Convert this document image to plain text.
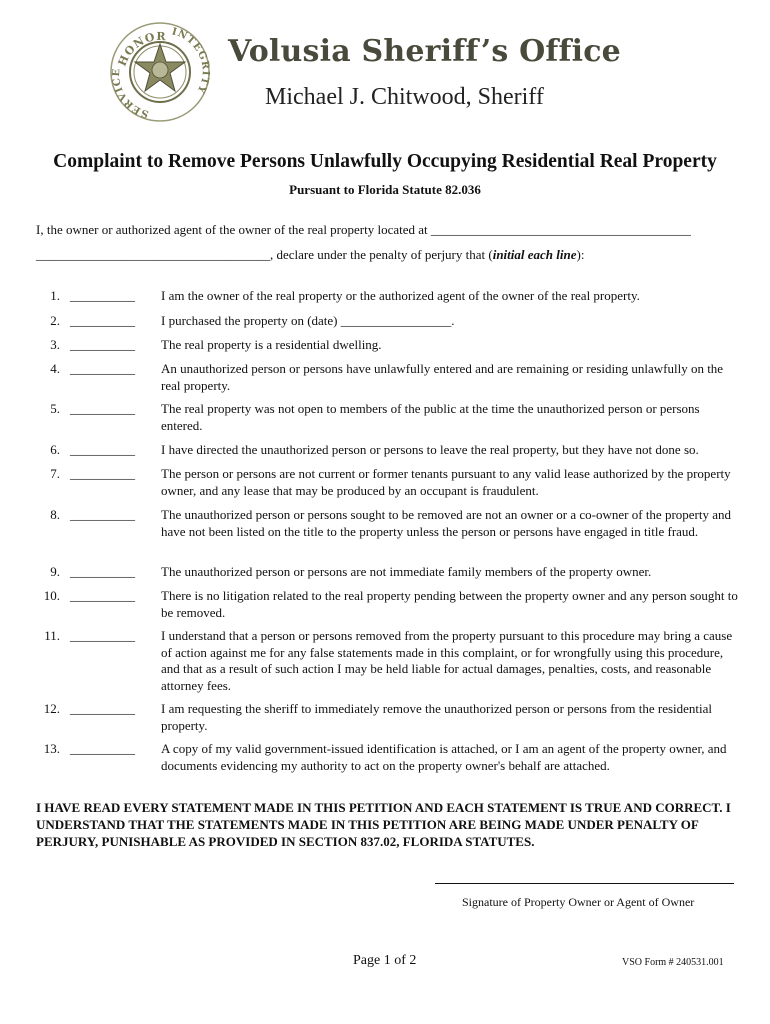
HONOR INTEGRITY
SERVICE
Volusia Sheriff’s Office
Michael J. Chitwood, Sheriff
Complaint to Remove Persons Unlawfully Occupying Residential Real Property
Pursuant to Florida Statute 82.036
I, the owner or authorized agent of the owner of the real property located at ________________________________________
____________________________________, declare under the penalty of perjury that (initial each line):
1. __________ I am the owner of the real property or the authorized agent of the owner of the real property.
2. __________ I purchased the property on (date) _________________.
3. __________ The real property is a residential dwelling.
4. __________ An unauthorized person or persons have unlawfully entered and are remaining or residing unlawfully on the real property.
5. __________ The real property was not open to members of the public at the time the unauthorized person or persons entered.
6. __________ I have directed the unauthorized person or persons to leave the real property, but they have not done so.
7. __________ The person or persons are not current or former tenants pursuant to any valid lease authorized by the property owner, and any lease that may be produced by an occupant is fraudulent.
8. __________ The unauthorized person or persons sought to be removed are not an owner or a co-owner of the property and have not been listed on the title to the property unless the person or persons have engaged in title fraud.
9. __________ The unauthorized person or persons are not immediate family members of the property owner.
10. __________ There is no litigation related to the real property pending between the property owner and any person sought to be removed.
11. __________ I understand that a person or persons removed from the property pursuant to this procedure may bring a cause of action against me for any false statements made in this complaint, or for wrongfully using this procedure, and that as a result of such action I may be held liable for actual damages, penalties, costs, and reasonable attorney fees.
12. __________ I am requesting the sheriff to immediately remove the unauthorized person or persons from the residential property.
13. __________ A copy of my valid government-issued identification is attached, or I am an agent of the property owner, and documents evidencing my authority to act on the property owner's behalf are attached.
I HAVE READ EVERY STATEMENT MADE IN THIS PETITION AND EACH STATEMENT IS TRUE AND CORRECT. I UNDERSTAND THAT THE STATEMENTS MADE IN THIS PETITION ARE BEING MADE UNDER PENALTY OF PERJURY, PUNISHABLE AS PROVIDED IN SECTION 837.02, FLORIDA STATUTES.
Signature of Property Owner or Agent of Owner
Page 1 of 2	VSO Form # 240531.001
